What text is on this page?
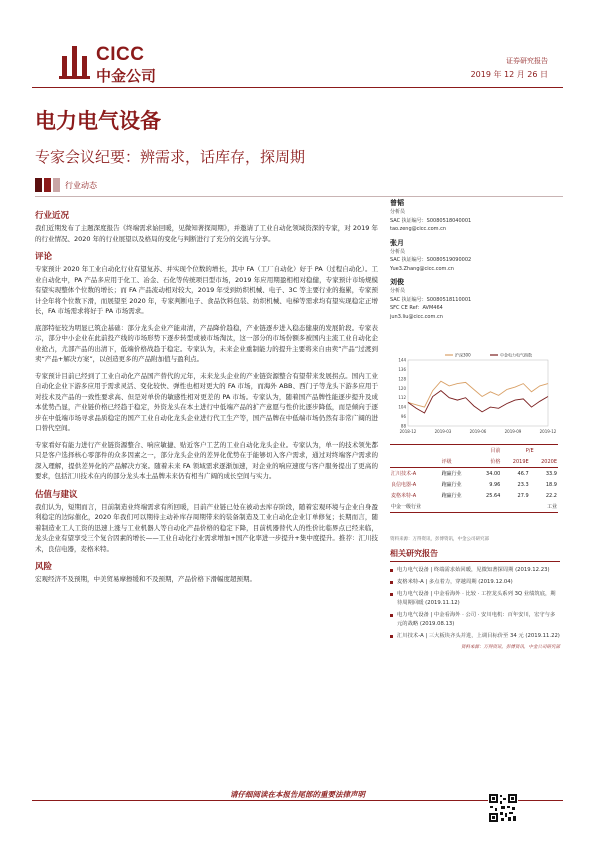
CICC
中金公司
证券研究报告
2019 年 12 月 26 日
电力电气设备
专家会议纪要：辨需求，话库存，探周期
行业动态
行业近况

我们近期发布了主题深度报告《终端需求始回暖，见微知著探周期》，并邀请了工业自动化领域资深的专家，对 2019 年的行业情况、2020 年的行业展望以及格局的变化与判断进行了充分的交流与分享。

评论

专家预计 2020 年工业自动化行业有望复苏、并实现个位数的增长，其中 FA（工厂自动化）好于 PA（过程自动化）。工业自动化中，PA 产品多应用于化工、冶金、石化等传统项目型市场，2019 年应用期盈相相对稳健，专家预计市场规模有望实现整体个位数的增长；而 FA 产品流动相对较大，2019 年受到纺织机械、电子、3C 等主要行业的拖累，专家预计全年将个位数下滑，而展望至 2020 年，专家判断电子、食品饮料包装、纺织机械、电梯等需求均有望实现稳定正增长，FA 市场需求将好于 PA 市场需求。

底部特征较为明显已筑企基础：部分龙头企业产能肃清，产品降价趋稳，产业链逐步进入稳态健康的发展阶段。专家表示，部分中小企业在此前投产线的市场形势下逐步转型或被市场淘汰，这一部分的市场份额多被国内主流工业自动化企业抢占，尤部产品的出清下，低端价格战趋于稳定。专家认为，未来企业重制能力的提升主要将来自由卖“产品”过渡到卖“产品+解决方案”，以创造更多的产品附加值与盈利点。

专家预计目前已经到了工业自动化产品国产替代的元年，未来龙头企业的产业链资源整合有望带来发展拐点。国内工业自动化企业下游多应用于需求灵活、变化较快、弹性也相对更大的 FA 市场，而海外 ABB、西门子等龙头下游多应用于对技术及产品的一致性要求高、但是对单价的敏感性相对更差的 PA 市场。专家认为，随着国产品牌性能逐步提升及成本优势凸显，产业链价格已经趋于稳定，外资龙头在本土进行中低端产品的扩产意愿与性价比逐步降低，而是倾向于逐步在中低端市场寻求品质稳定的国产工业自动化龙头企业进行代工生产等，国产品牌在中低端市场仍然有非常广阔的进口替代空间。

专家看好有能力进行产业链资源整合、响应敏捷、贴近客户工艺的工业自动化龙头企业。专家认为，单一的技术领先都只是客户选择核心零部件的众多因素之一，部分龙头企业的差异化优势在于能够切入客户需求，通过对终端客户需求的深入理解，提供差异化的产品解决方案。随着未来 FA 领域需求逐渐加速，对企业的响应速度与客户服务提出了更高的要求，包括汇川技术在内的部分龙头本土品牌未来仍有相当广阔的成长空间与实力。

估值与建议

我们认为，短期而言，目前制造业终端需求有所回暖，目前产业链已处在被动去库存阶段，随着宏观环境与企业自身盈利稳定的边际催化，2020 年我们可以期待主动补库存周期带来的装备制造及工业自动化企业订单修复；长期而言，随着制造业工人工资的迅速上涨与工业机器人等自动化产品价格的稳定下降，目前机器替代人的性价比临界点已经来临，龙头企业有望享受三个复合因素的增长——工业自动化行业需求增加+国产化率进一步提升+集中度提升。推荐：汇川技术，良信电器，麦格米特。

风险

宏观经济不及预期，中美贸易摩擦缓和不及预期，产品价格下滑幅度超预期。

曾韬
分析员
SAC 执证编号：S0080518040001
tao.zeng@cicc.com.cn
张月
分析员
SAC 执证编号：S0080519090002
Yue3.Zhang@cicc.com.cn
刘俊
分析员
SAC 执证编号：S0080518110001
SFC CE Ref：AVM464
jun3.liu@cicc.com.cn
144
136
128
120
112
104
96
88
2018-12	2019-03	2019-06	2019-09	2019-12
沪深300	中金电力电气指数
		目前	P/E	
	评级	价格	2019E	2020E
汇川技术-A	跑赢行业	34.00	46.7	33.9
良信电器-A	跑赢行业	9.96	23.3	18.9
麦格米特-A	跑赢行业	25.64	27.9	22.2
中金一级行业				工业
资料来源：万得资讯，彭博资讯，中金公司研究部
相关研究报告
电力电气设备 | 终端需求始回暖，见微知著探周期 (2019.12.23)
麦格米特-A | 多点着力，穿越周期 (2019.12.04)
电力电气设备 | 中金看海外 · 比较 · 工控龙头系列 3Q 业绩筑底，期待周期回暖 (2019.11.12)
电力电气设备 | 中金看海外 · 公司 · 安川电机：百年安川，宏守与多元的战略 (2019.08.13)
汇川技术-A | 三大板块齐头并进，上调目标价至 34 元 (2019.11.22)
资料来源：万得资讯，彭博资讯，中金公司研究部
请仔细阅读在本报告尾部的重要法律声明
